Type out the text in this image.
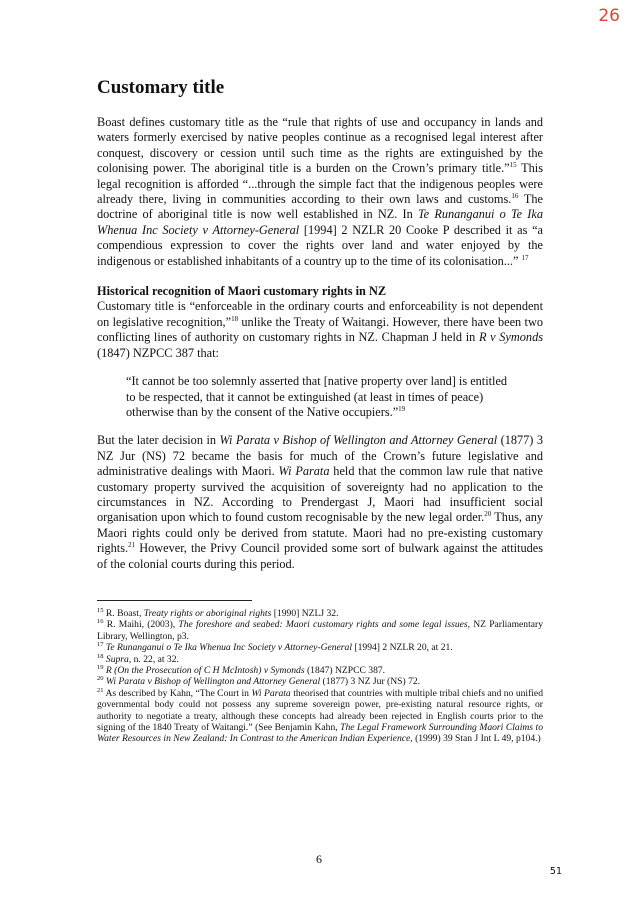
26
Customary title

Boast defines customary title as the “rule that rights of use and occupancy in lands and waters formerly exercised by native peoples continue as a recognised legal interest after conquest, discovery or cession until such time as the rights are extinguished by the colonising power. The aboriginal title is a burden on the Crown’s primary title.”$^{15}$ This legal recognition is afforded “...through the simple fact that the indigenous peoples were already there, living in communities according to their own laws and customs.$^{16}$ The doctrine of aboriginal title is now well established in NZ. In Te Runanganui o Te Ika Whenua Inc Society v Attorney-General [1994] 2 NZLR 20 Cooke P described it as “a compendious expression to cover the rights over land and water enjoyed by the indigenous or established inhabitants of a country up to the time of its colonisation...” $^{17}$

Historical recognition of Maori customary rights in NZ

Customary title is “enforceable in the ordinary courts and enforceability is not dependent on legislative recognition,”$^{18}$ unlike the Treaty of Waitangi. However, there have been two conflicting lines of authority on customary rights in NZ. Chapman J held in R v Symonds (1847) NZPCC 387 that:

“It cannot be too solemnly asserted that [native property over land] is entitled to be respected, that it cannot be extinguished (at least in times of peace) otherwise than by the consent of the Native occupiers.”$^{19}$

But the later decision in Wi Parata v Bishop of Wellington and Attorney General (1877) 3 NZ Jur (NS) 72 became the basis for much of the Crown’s future legislative and administrative dealings with Maori. Wi Parata held that the common law rule that native customary property survived the acquisition of sovereignty had no application to the circumstances in NZ. According to Prendergast J, Maori had insufficient social organisation upon which to found custom recognisable by the new legal order.$^{20}$ Thus, any Maori rights could only be derived from statute. Maori had no pre-existing customary rights.$^{21}$ However, the Privy Council provided some sort of bulwark against the attitudes of the colonial courts during this period.

$^{15}$ R. Boast, Treaty rights or aboriginal rights [1990] NZLJ 32.

$^{16}$ R. Maihi, (2003), The foreshore and seabed: Maori customary rights and some legal issues, NZ Parliamentary Library, Wellington, p3.

$^{17}$ Te Runanganui o Te Ika Whenua Inc Society v Attorney-General [1994] 2 NZLR 20, at 21.

$^{18}$ Supra, n. 22, at 32.

$^{19}$ R (On the Prosecution of C H McIntosh) v Symonds (1847) NZPCC 387.

$^{20}$ Wi Parata v Bishop of Wellington and Attorney General (1877) 3 NZ Jur (NS) 72.

$^{21}$ As described by Kahn, “The Court in Wi Parata theorised that countries with multiple tribal chiefs and no unified governmental body could not possess any supreme sovereign power, pre-existing natural resource rights, or authority to negotiate a treaty, although these concepts had already been rejected in English courts prior to the signing of the 1840 Treaty of Waitangi.” (See Benjamin Kahn, The Legal Framework Surrounding Maori Claims to Water Resources in New Zealand: In Contrast to the American Indian Experience, (1999) 39 Stan J Int L 49, p104.)

6
51
